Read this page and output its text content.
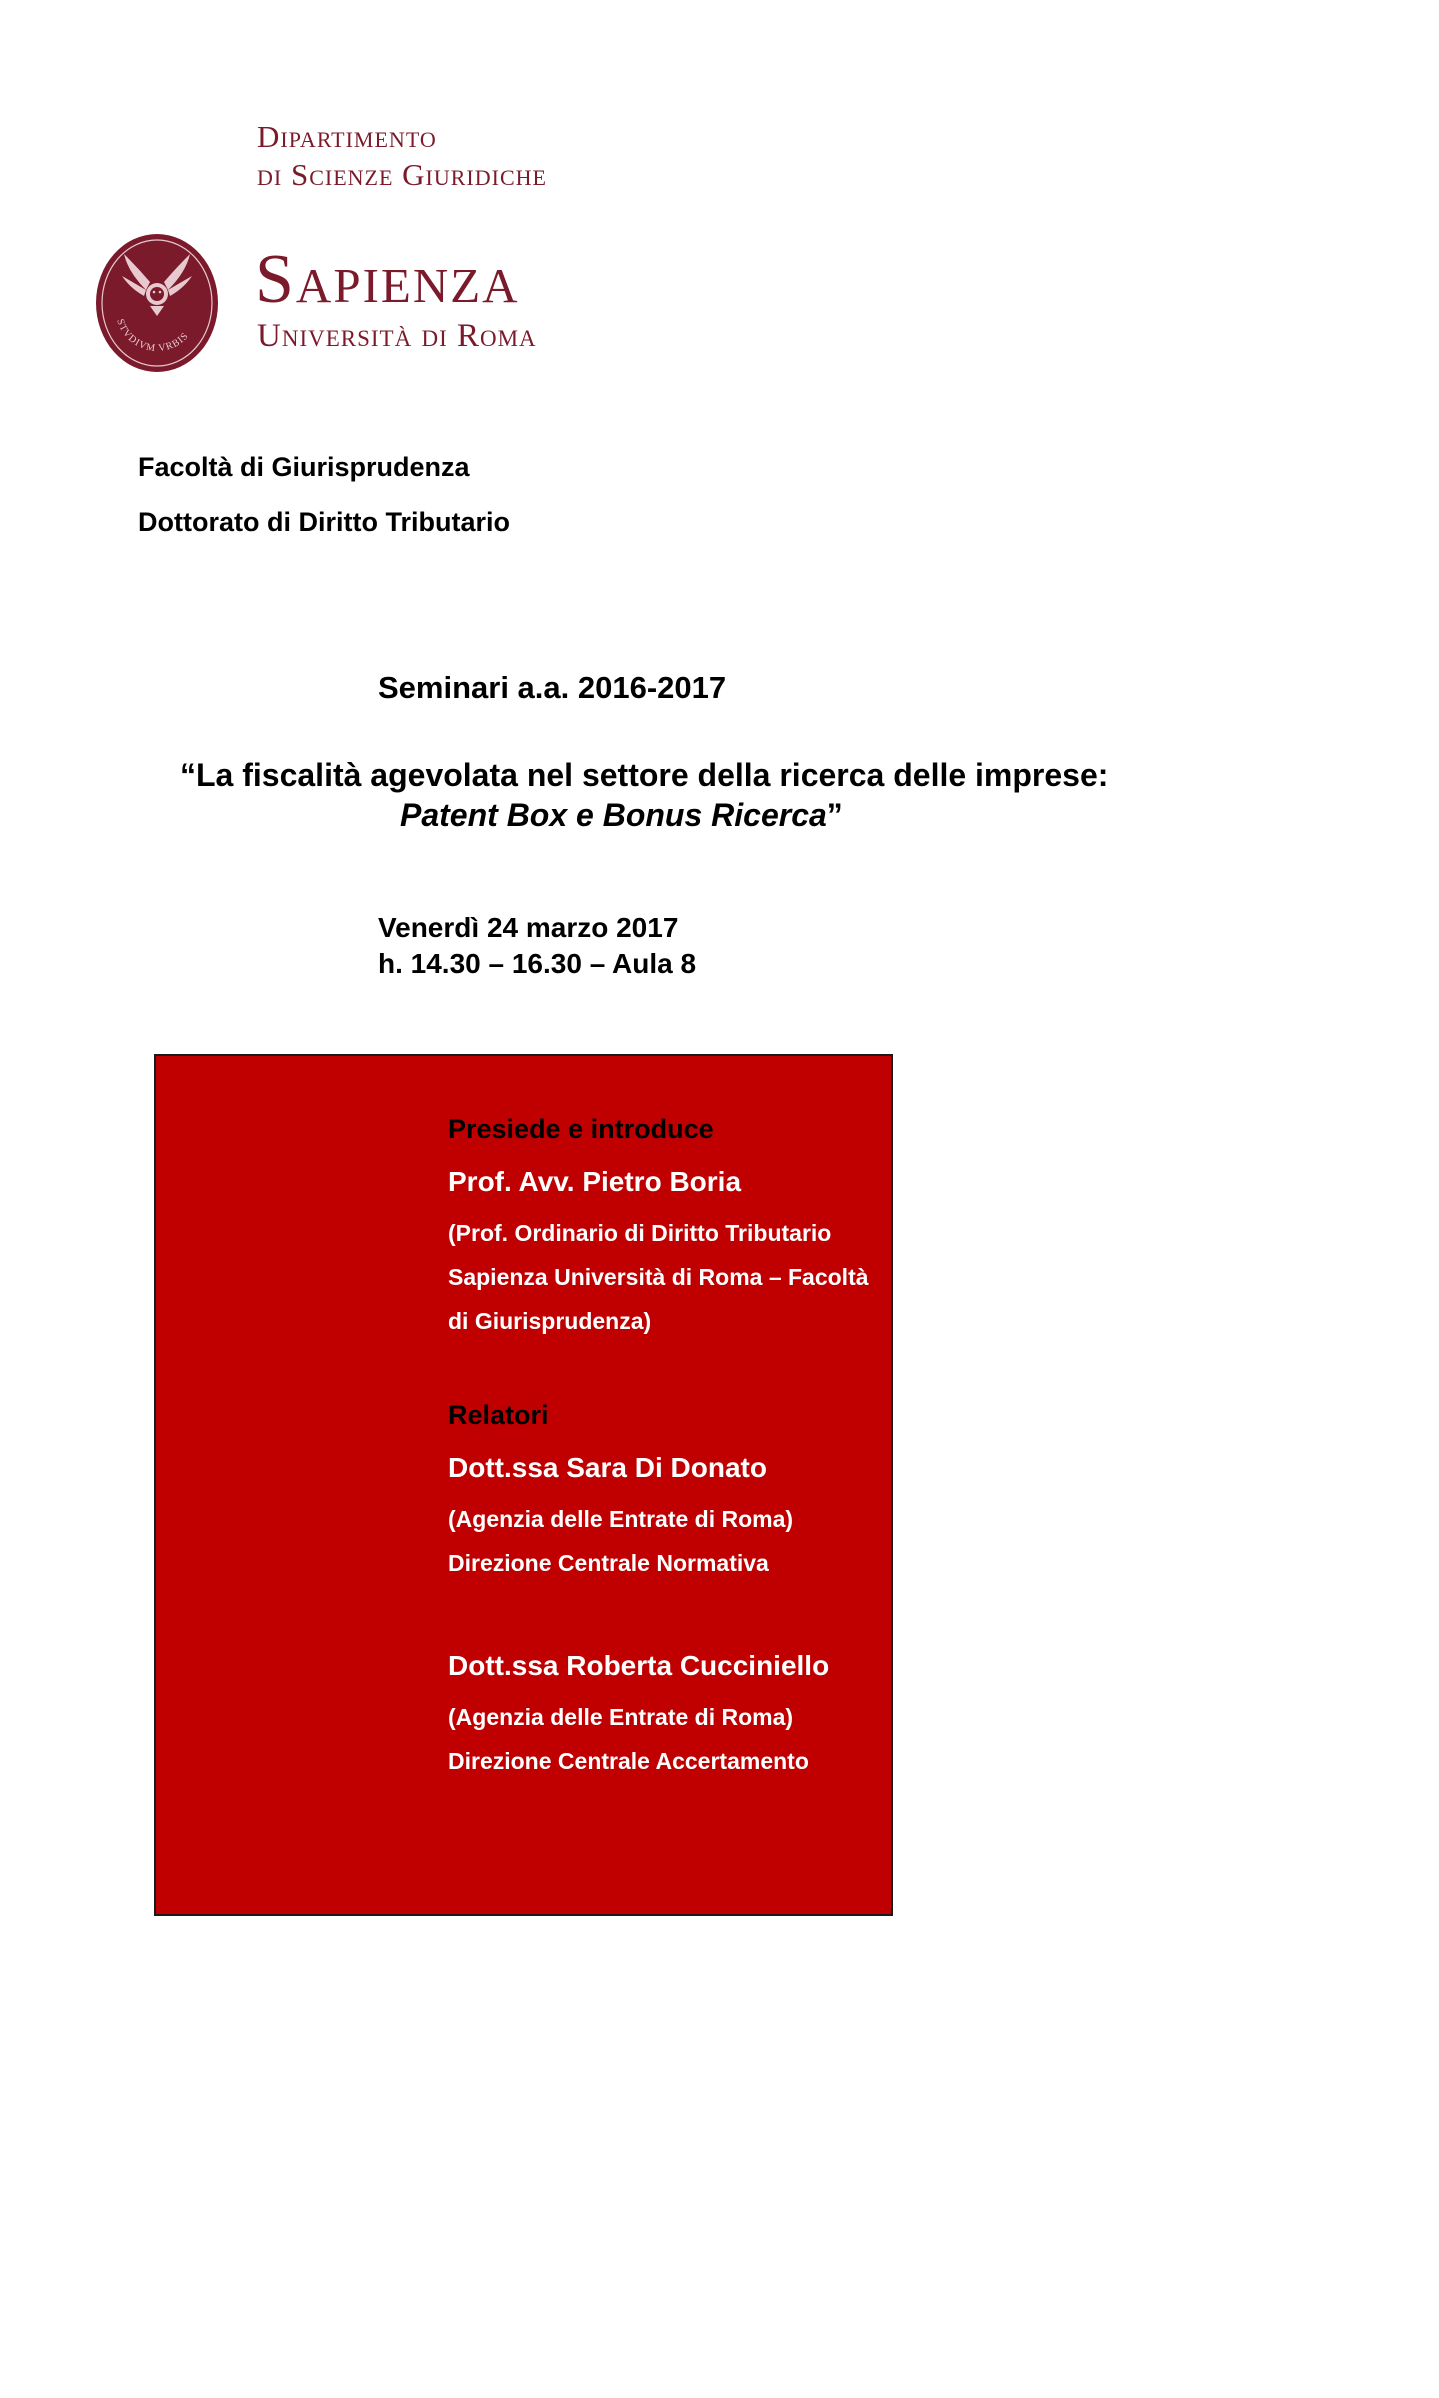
Dipartimento
di Scienze Giuridiche
STVDIVM VRBIS
Sapienza
Università di Roma
Facoltà di Giurisprudenza
Dottorato di Diritto Tributario
Seminari a.a. 2016-2017
“La fiscalità agevolata nel settore della ricerca delle imprese:
Patent Box e Bonus Ricerca”
Venerdì 24 marzo 2017
h. 14.30 – 16.30 – Aula 8
Presiede e introduce
Prof. Avv. Pietro Boria
(Prof. Ordinario di Diritto Tributario
Sapienza Università di Roma – Facoltà
di Giurisprudenza)
Relatori
Dott.ssa Sara Di Donato
(Agenzia delle Entrate di Roma)
Direzione Centrale Normativa
Dott.ssa Roberta Cucciniello
(Agenzia delle Entrate di Roma)
Direzione Centrale Accertamento
